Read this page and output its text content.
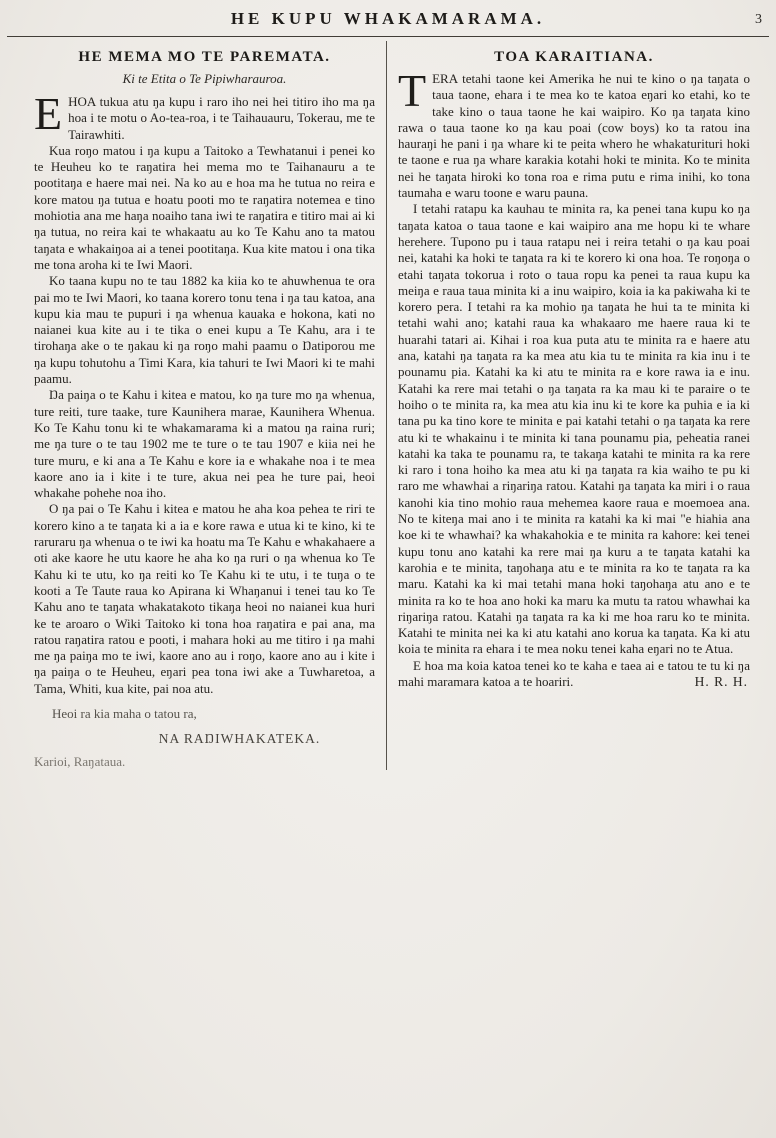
HE KUPU WHAKAMARAMA.	3
HE MEMA MO TE PAREMATA.
Ki te Etita o Te Pipiwharauroa.

EHOA tukua atu ŋa kupu i raro iho nei hei titiro iho ma ŋa hoa i te motu o Ao-tea-roa, i te Taihauauru, Tokerau, me te Tairawhiti.

Kua roŋo matou i ŋa kupu a Taitoko a Tewhatanui i penei ko te Heuheu ko te raŋatira hei mema mo te Taihanauru a te pootitaŋa e haere mai nei. Na ko au e hoa ma he tutua no reira e kore matou ŋa tutua e hoatu pooti mo te raŋatira notemea e tino mohiotia ana me haŋa noaiho tana iwi te raŋatira e titiro mai ai ki ŋa tutua, no reira kai te whakaatu au ko Te Kahu ano ta matou taŋata e whakaiŋoa ai a tenei pootitaŋa. Kua kite matou i ona tika me tona aroha ki te Iwi Maori.

Ko taana kupu no te tau 1882 ka kiia ko te ahuwhenua te ora pai mo te Iwi Maori, ko taana korero tonu tena i ŋa tau katoa, ana kupu kia mau te pupuri i ŋa whenua kauaka e hokona, kati no naianei kua kite au i te tika o enei kupu a Te Kahu, ara i te tirohaŋa ake o te ŋakau ki ŋa roŋo mahi paamu o Ŋatiporou me ŋa kupu tohutohu a Timi Kara, kia tahuri te Iwi Maori ki te mahi paamu.

Ŋa paiŋa o te Kahu i kitea e matou, ko ŋa ture mo ŋa whenua, ture reiti, ture taake, ture Kaunihera marae, Kaunihera Whenua. Ko Te Kahu tonu ki te whakamarama ki a matou ŋa raina ruri; me ŋa ture o te tau 1902 me te ture o te tau 1907 e kiia nei he ture muru, e ki ana a Te Kahu e kore ia e whakahe noa i te mea kaore ano ia i kite i te ture, akua nei pea he ture pai, heoi whakahe pohehe noa iho.

O ŋa pai o Te Kahu i kitea e matou he aha koa pehea te riri te korero kino a te taŋata ki a ia e kore rawa e utua ki te kino, ki te raruraru ŋa whenua o te iwi ka hoatu ma Te Kahu e whakahaere a oti ake kaore he utu kaore he aha ko ŋa ruri o ŋa whenua ko Te Kahu ki te utu, ko ŋa reiti ko Te Kahu ki te utu, i te tuŋa o te kooti a Te Taute raua ko Apirana ki Whaŋanui i tenei tau ko Te Kahu ano te taŋata whakatakoto tikaŋa heoi no naianei kua huri ke te aroaro o Wiki Taitoko ki tona hoa raŋatira e pai ana, ma ratou raŋatira ratou e pooti, i mahara hoki au me titiro i ŋa mahi me ŋa paiŋa mo te iwi, kaore ano au i roŋo, kaore ano au i kite i ŋa paiŋa o te Heuheu, eŋari pea tona iwi ake a Tuwharetoa, a Tama, Whiti, kua kite, pai noa atu.

Heoi ra kia maha o tatou ra,

NA RAŊIWHAKATEKA.
Karioi, Raŋataua.
TOA KARAITIANA.

TERA tetahi taone kei Amerika he nui te kino o ŋa taŋata o taua taone, ehara i te mea ko te katoa eŋari ko etahi, ko te take kino o taua taone he kai waipiro. Ko ŋa taŋata kino rawa o taua taone ko ŋa kau poai (cow boys) ko ta ratou ina hauraŋi he pani i ŋa whare ki te peita whero he whakaturituri hoki te taone e rua ŋa whare karakia kotahi hoki te minita. Ko te minita nei he taŋata hiroki ko tona roa e rima putu e rima inihi, ko tona taumaha e waru toone e waru pauna.

I tetahi ratapu ka kauhau te minita ra, ka penei tana kupu ko ŋa taŋata katoa o taua taone e kai waipiro ana me hopu ki te whare herehere. Tupono pu i taua ratapu nei i reira tetahi o ŋa kau poai nei, katahi ka hoki te taŋata ra ki te korero ki ona hoa. Te roŋoŋa o etahi taŋata tokorua i roto o taua ropu ka penei ta raua kupu ka meiŋa e raua taua minita ki a inu waipiro, koia ia ka pakiwaha ki te korero pera. I tetahi ra ka mohio ŋa taŋata he hui ta te minita ki tetahi wahi ano; katahi raua ka whakaaro me haere raua ki te huarahi tatari ai. Kihai i roa kua puta atu te minita ra e haere atu ana, katahi ŋa taŋata ra ka mea atu kia tu te minita ra kia inu i te pounamu pia. Katahi ka ki atu te minita ra e kore rawa ia e inu. Katahi ka rere mai tetahi o ŋa taŋata ra ka mau ki te paraire o te hoiho o te minita ra, ka mea atu kia inu ki te kore ka puhia e ia ki tana pu ka tino kore te minita e pai katahi tetahi o ŋa taŋata ka rere atu ki te whakainu i te minita ki tana pounamu pia, peheatia ranei katahi ka taka te pounamu ra, te takaŋa katahi te minita ra ka rere ki raro i tona hoiho ka mea atu ki ŋa taŋata ra kia waiho te pu ki raro me whawhai a riŋariŋa ratou. Katahi ŋa taŋata ka miri i o raua kanohi kia tino mohio raua mehemea kaore raua e moemoea ana. No te kiteŋa mai ano i te minita ra katahi ka ki mai "e hiahia ana koe ki te whawhai? ka whakahokia e te minita ra kahore: kei tenei kupu tonu ano katahi ka rere mai ŋa kuru a te taŋata katahi ka karohia e te minita, taŋohaŋa atu e te minita ra ko te taŋata ra ka maru. Katahi ka ki mai tetahi mana hoki taŋohaŋa atu ano e te minita ra ko te hoa ano hoki ka maru ka mutu ta ratou whawhai ka riŋariŋa ratou. Katahi ŋa taŋata ra ka ki me hoa raru ko te minita. Katahi te minita nei ka ki atu katahi ano korua ka taŋata. Ka ki atu koia te minita ra ehara i te mea noku tenei kaha eŋari no te Atua.

E hoa ma koia katoa tenei ko te kaha e taea ai e tatou te tu ki ŋa mahi maramara katoa a te hoariri.	H. R. H.
